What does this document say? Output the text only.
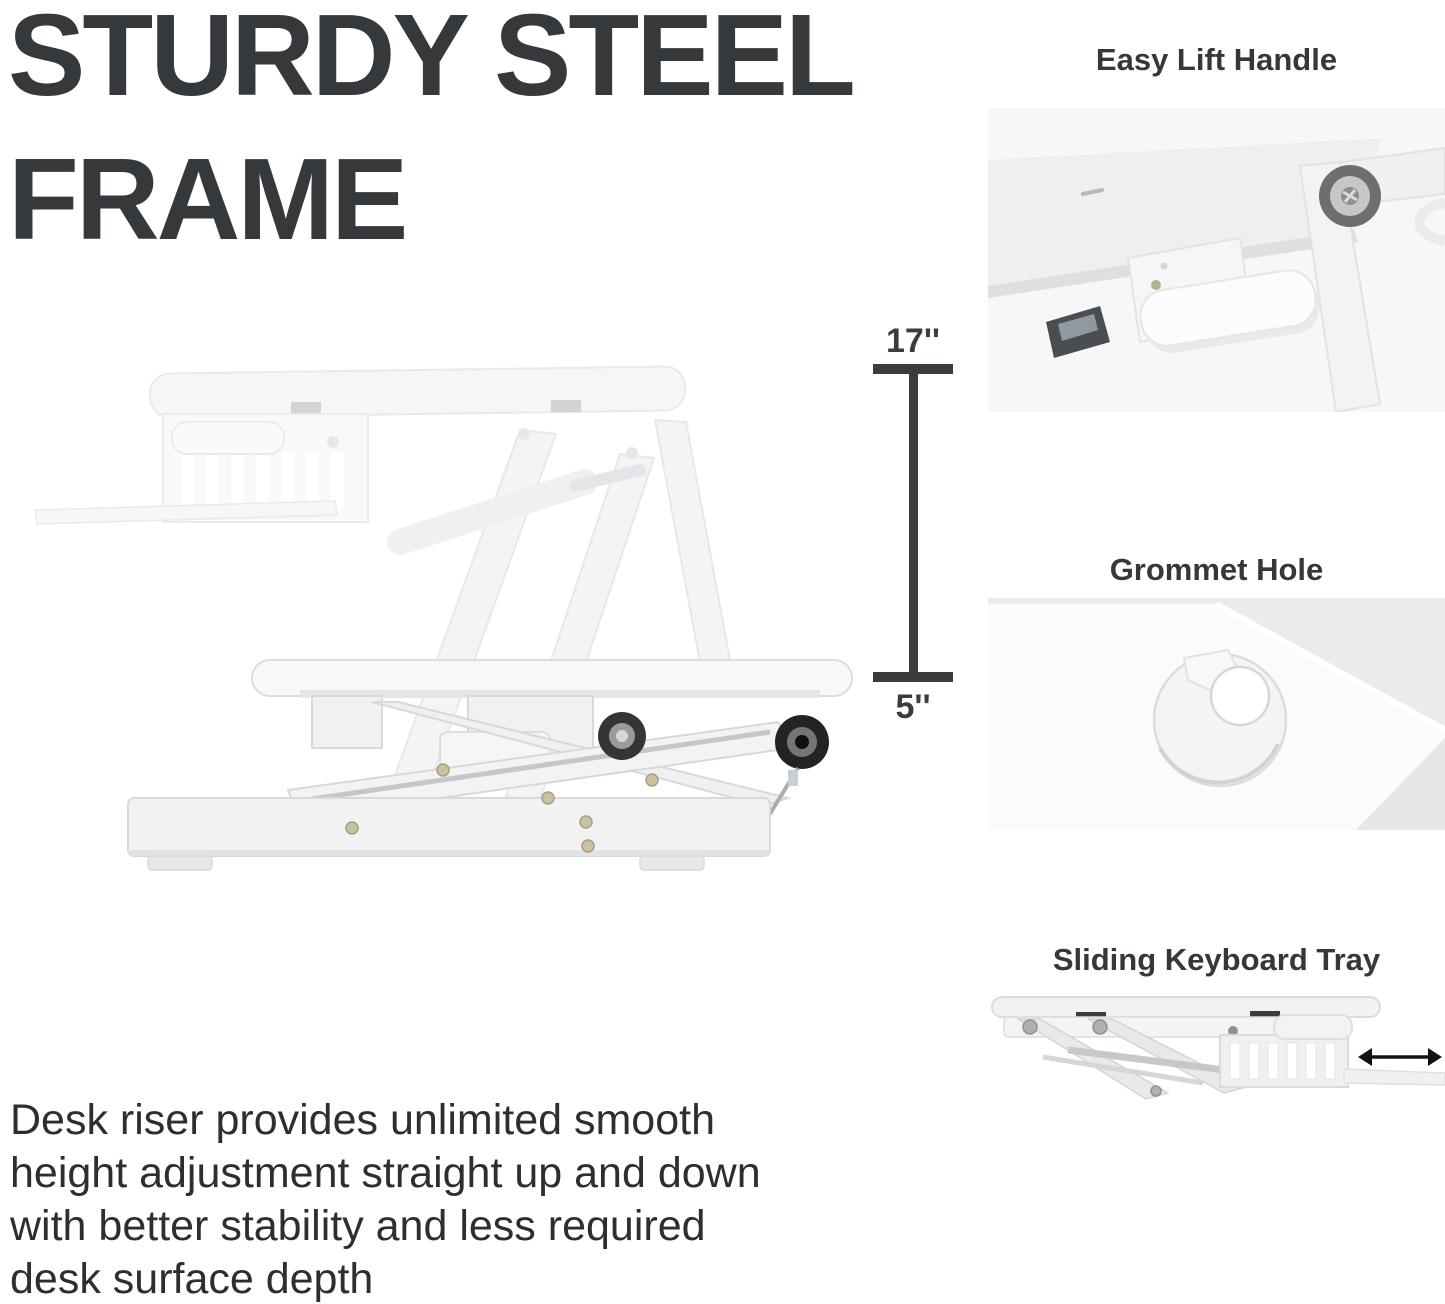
STURDY STEEL
FRAME
17''
5''
Easy Lift Handle
Grommet Hole
Sliding Keyboard Tray
Desk riser provides unlimited smooth
height adjustment straight up and down
with better stability and less required
desk surface depth
